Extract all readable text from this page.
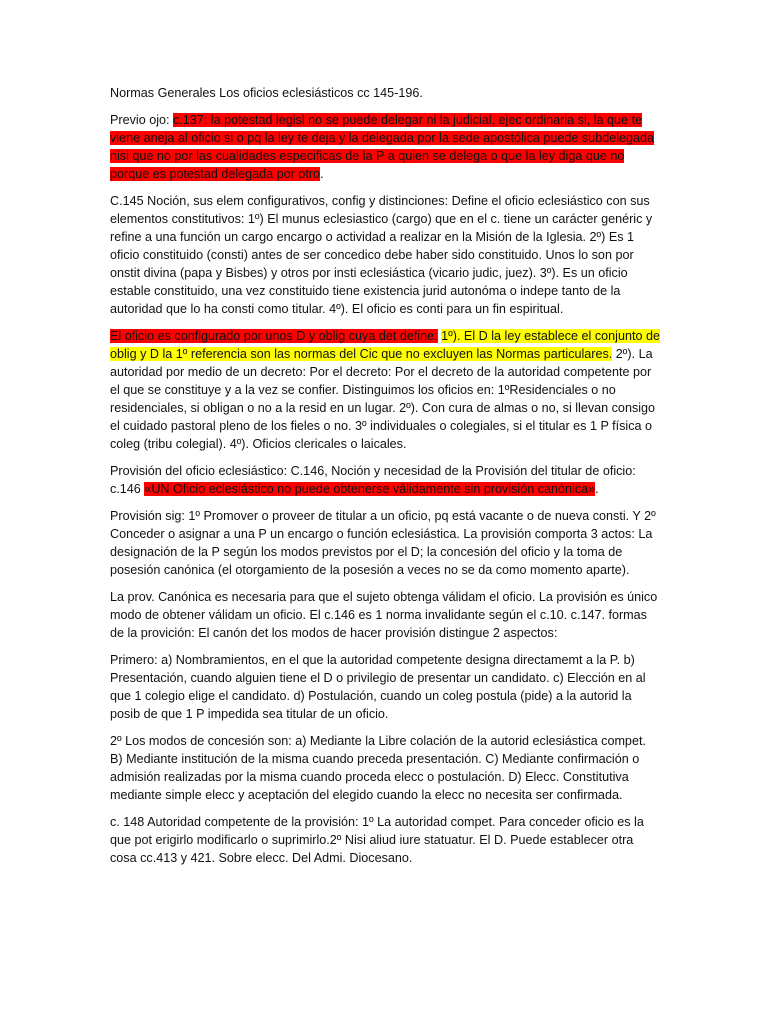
Normas Generales Los oficios eclesiásticos cc 145-196.

Previo ojo: c.137: la potestad legisl no se puede delegar ni la judicial, ejec ordinaria si, la que te viene aneja al oficio si o pq la ley te deja y la delegada por la sede apostólica puede subdelegada nisi que no por las cualidades especificas de la P a quien se delega o que la ley diga que no porque es potestad delegada por otro.

C.145 Noción, sus elem configurativos, config y distinciones: Define el oficio eclesiástico con sus elementos constitutivos: 1º) El munus eclesiastico (cargo) que en el c. tiene un carácter genéric y refine a una función un cargo encargo o actividad a realizar en la Misión de la Iglesia. 2º) Es 1 oficio constituido (consti) antes de ser concedico debe haber sido constituido. Unos lo son por onstit divina (papa y Bisbes) y otros por insti eclesiástica (vicario judic, juez). 3º). Es un oficio estable constituido, una vez constituido tiene existencia jurid autonóma o indepe tanto de la autoridad que lo ha consti como titular. 4º). El oficio es conti para un fin espiritual.

El oficio es configurado por unos D y oblig cuya det define: 1º). El D la ley establece el conjunto de oblig y D la 1º referencia son las normas del Cic que no excluyen las Normas particulares. 2º). La autoridad por medio de un decreto: Por el decreto: Por el decreto de la autoridad competente por el que se constituye y a la vez se confier. Distinguimos los oficios en: 1ºResidenciales o no residenciales, si obligan o no a la resid en un lugar. 2º). Con cura de almas o no, si llevan consigo el cuidado pastoral pleno de los fieles o no. 3º individuales o colegiales, si el titular es 1 P física o coleg (tribu colegial). 4º). Oficios clericales o laicales.

Provisión del oficio eclesiástico: C.146, Noción y necesidad de la Provisión del titular de oficio: c.146 «UN Oficio eclesiástico no puede obtenerse válidamente sin provisión canónica».

Provisión sig: 1º Promover o proveer de titular a un oficio, pq está vacante o de nueva consti. Y 2º Conceder o asignar a una P un encargo o función eclesiástica. La provisión comporta 3 actos: La designación de la P según los modos previstos por el D; la concesión del oficio y la toma de posesión canónica (el otorgamiento de la posesión a veces no se da como momento aparte).

La prov. Canónica es necesaria para que el sujeto obtenga válidam el oficio. La provisión es único modo de obtener válidam un oficio. El c.146 es 1 norma invalidante según el c.10. c.147. formas de la provición: El canón det los modos de hacer provisión distingue 2 aspectos:

Primero: a) Nombramientos, en el que la autoridad competente designa directamemt a la P. b) Presentación, cuando alguien tiene el D o privilegio de presentar un candidato. c) Elección en al que 1 colegio elige el candidato. d) Postulación, cuando un coleg postula (pide) a la autorid la posib de que 1 P impedida sea titular de un oficio.

2º Los modos de concesión son: a) Mediante la Libre colación de la autorid eclesiástica compet. B) Mediante institución de la misma cuando preceda presentación. C) Mediante confirmación o admisión realizadas por la misma cuando proceda elecc o postulación. D) Elecc. Constitutiva mediante simple elecc y aceptación del elegido cuando la elecc no necesita ser confirmada.

c. 148 Autoridad competente de la provisión: 1º La autoridad compet. Para conceder oficio es la que pot erigirlo modificarlo o suprimirlo.2º Nisi aliud iure statuatur. El D. Puede establecer otra cosa cc.413 y 421. Sobre elecc. Del Admi. Diocesano.
